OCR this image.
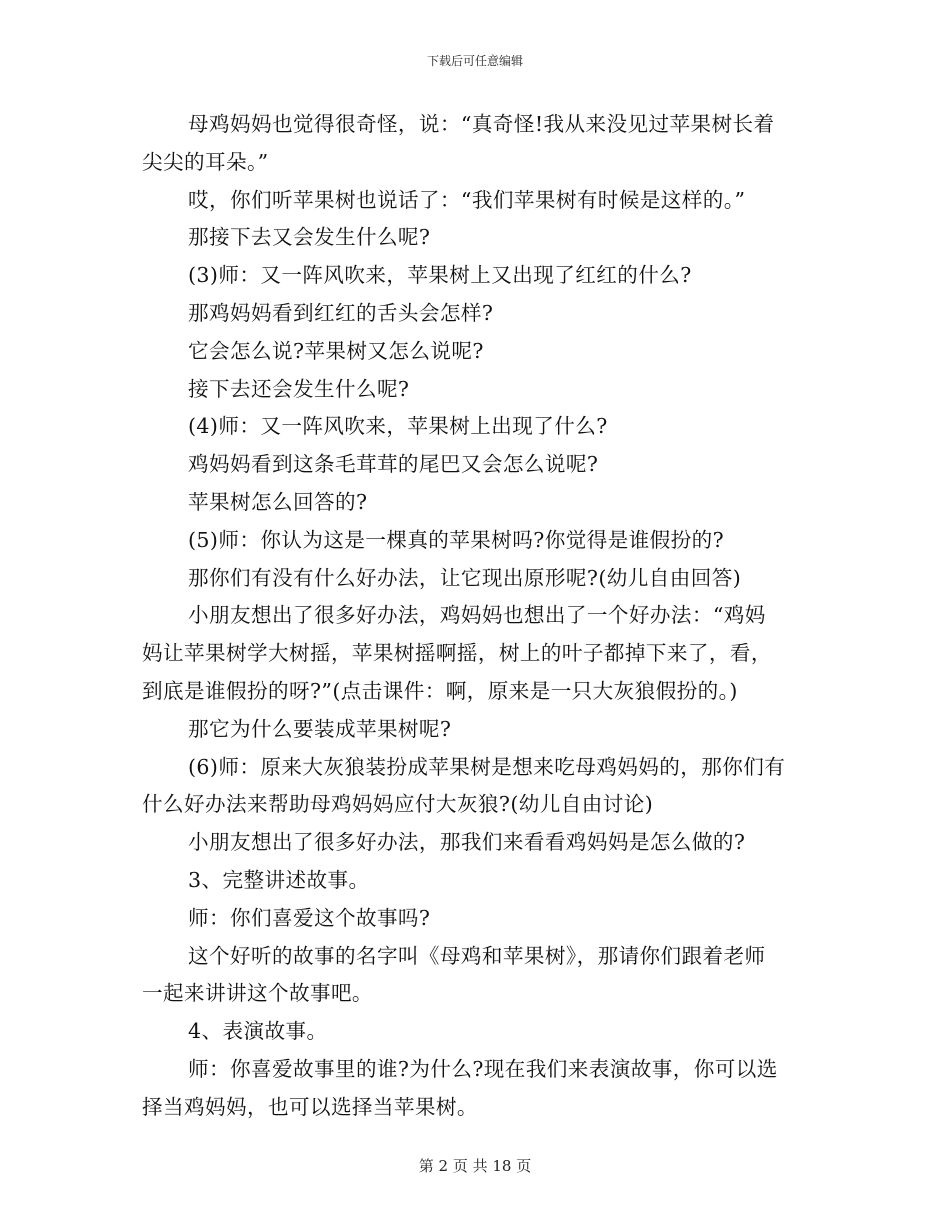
下载后可任意编辑
母鸡妈妈也觉得很奇怪，说：“真奇怪!我从来没见过苹果树长着
尖尖的耳朵。”
哎，你们听苹果树也说话了：“我们苹果树有时候是这样的。”
那接下去又会发生什么呢?
(3)师：又一阵风吹来，苹果树上又出现了红红的什么?
那鸡妈妈看到红红的舌头会怎样?
它会怎么说?苹果树又怎么说呢?
接下去还会发生什么呢?
(4)师：又一阵风吹来，苹果树上出现了什么?
鸡妈妈看到这条毛茸茸的尾巴又会怎么说呢?
苹果树怎么回答的?
(5)师：你认为这是一棵真的苹果树吗?你觉得是谁假扮的?
那你们有没有什么好办法，让它现出原形呢?(幼儿自由回答)
小朋友想出了很多好办法，鸡妈妈也想出了一个好办法：“鸡妈
妈让苹果树学大树摇，苹果树摇啊摇，树上的叶子都掉下来了，看，
到底是谁假扮的呀?”(点击课件：啊，原来是一只大灰狼假扮的。)
那它为什么要装成苹果树呢?
(6)师：原来大灰狼装扮成苹果树是想来吃母鸡妈妈的，那你们有
什么好办法来帮助母鸡妈妈应付大灰狼?(幼儿自由讨论)
小朋友想出了很多好办法，那我们来看看鸡妈妈是怎么做的?
3、完整讲述故事。
师：你们喜爱这个故事吗?
这个好听的故事的名字叫《母鸡和苹果树》，那请你们跟着老师
一起来讲讲这个故事吧。
4、表演故事。
师：你喜爱故事里的谁?为什么?现在我们来表演故事，你可以选
择当鸡妈妈，也可以选择当苹果树。
第 2 页 共 18 页
